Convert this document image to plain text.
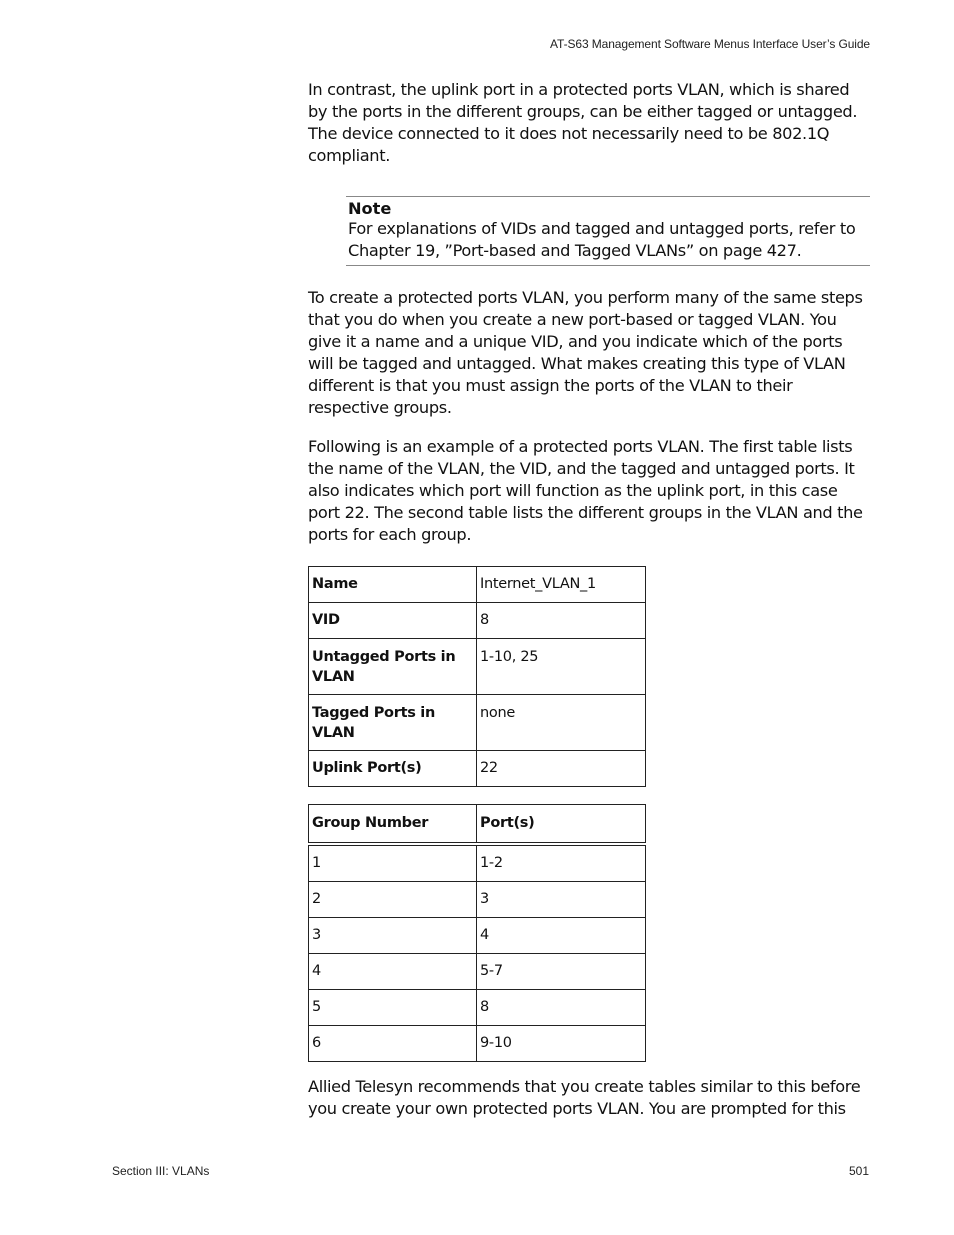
AT-S63 Management Software Menus Interface User’s Guide

In contrast, the uplink port in a protected ports VLAN, which is shared by the ports in the different groups, can be either tagged or untagged. The device connected to it does not necessarily need to be 802.1Q compliant.

Note

For explanations of VIDs and tagged and untagged ports, refer to Chapter 19, ”Port-based and Tagged VLANs” on page 427.

To create a protected ports VLAN, you perform many of the same steps that you do when you create a new port-based or tagged VLAN. You give it a name and a unique VID, and you indicate which of the ports will be tagged and untagged. What makes creating this type of VLAN different is that you must assign the ports of the VLAN to their respective groups.

Following is an example of a protected ports VLAN. The first table lists the name of the VLAN, the VID, and the tagged and untagged ports. It also indicates which port will function as the uplink port, in this case port 22. The second table lists the different groups in the VLAN and the ports for each group.

Name	Internet_VLAN_1
VID	8
Untagged Ports in VLAN	1-10, 25
Tagged Ports in VLAN	none
Uplink Port(s)	22
Group Number	Port(s)
1	1-2
2	3
3	4
4	5-7
5	8
6	9-10

Allied Telesyn recommends that you create tables similar to this before you create your own protected ports VLAN. You are prompted for this

Section III: VLANs	501
